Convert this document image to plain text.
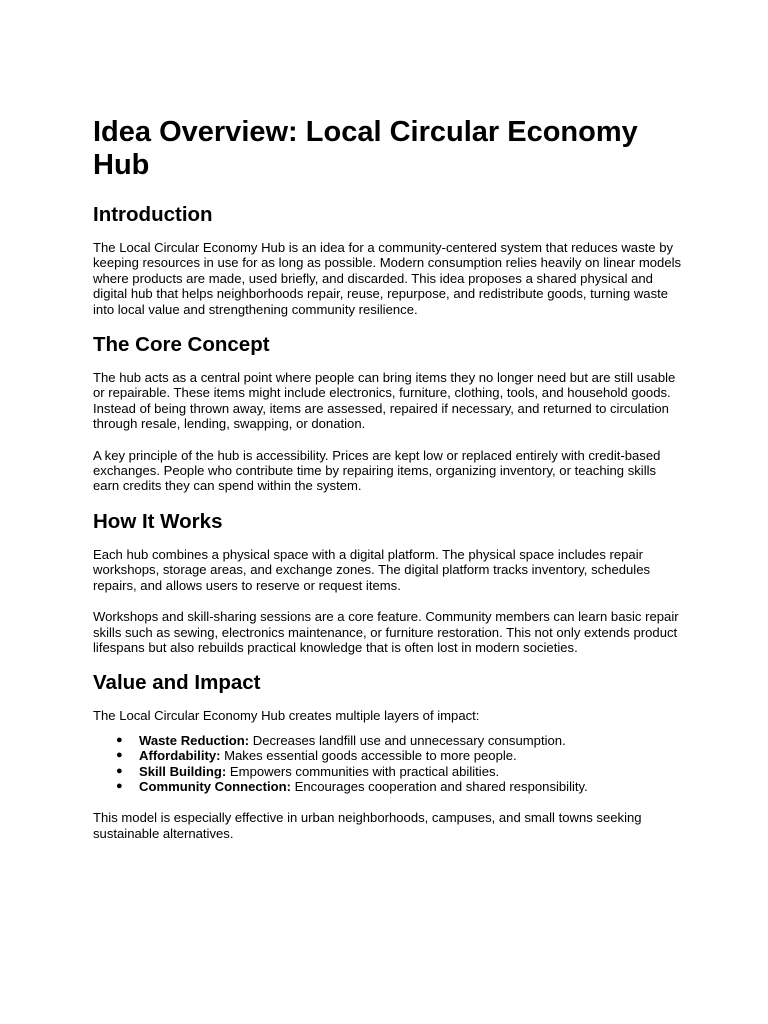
Idea Overview: Local Circular Economy Hub
Introduction

The Local Circular Economy Hub is an idea for a community-centered system that reduces waste by keeping resources in use for as long as possible. Modern consumption relies heavily on linear models where products are made, used briefly, and discarded. This idea proposes a shared physical and digital hub that helps neighborhoods repair, reuse, repurpose, and redistribute goods, turning waste into local value and strengthening community resilience.

The Core Concept

The hub acts as a central point where people can bring items they no longer need but are still usable or repairable. These items might include electronics, furniture, clothing, tools, and household goods. Instead of being thrown away, items are assessed, repaired if necessary, and returned to circulation through resale, lending, swapping, or donation.

A key principle of the hub is accessibility. Prices are kept low or replaced entirely with credit-based exchanges. People who contribute time by repairing items, organizing inventory, or teaching skills earn credits they can spend within the system.

How It Works

Each hub combines a physical space with a digital platform. The physical space includes repair workshops, storage areas, and exchange zones. The digital platform tracks inventory, schedules repairs, and allows users to reserve or request items.

Workshops and skill-sharing sessions are a core feature. Community members can learn basic repair skills such as sewing, electronics maintenance, or furniture restoration. This not only extends product lifespans but also rebuilds practical knowledge that is often lost in modern societies.

Value and Impact

The Local Circular Economy Hub creates multiple layers of impact:

● Waste Reduction: Decreases landfill use and unnecessary consumption.
● Affordability: Makes essential goods accessible to more people.
● Skill Building: Empowers communities with practical abilities.
● Community Connection: Encourages cooperation and shared responsibility.

This model is especially effective in urban neighborhoods, campuses, and small towns seeking sustainable alternatives.
